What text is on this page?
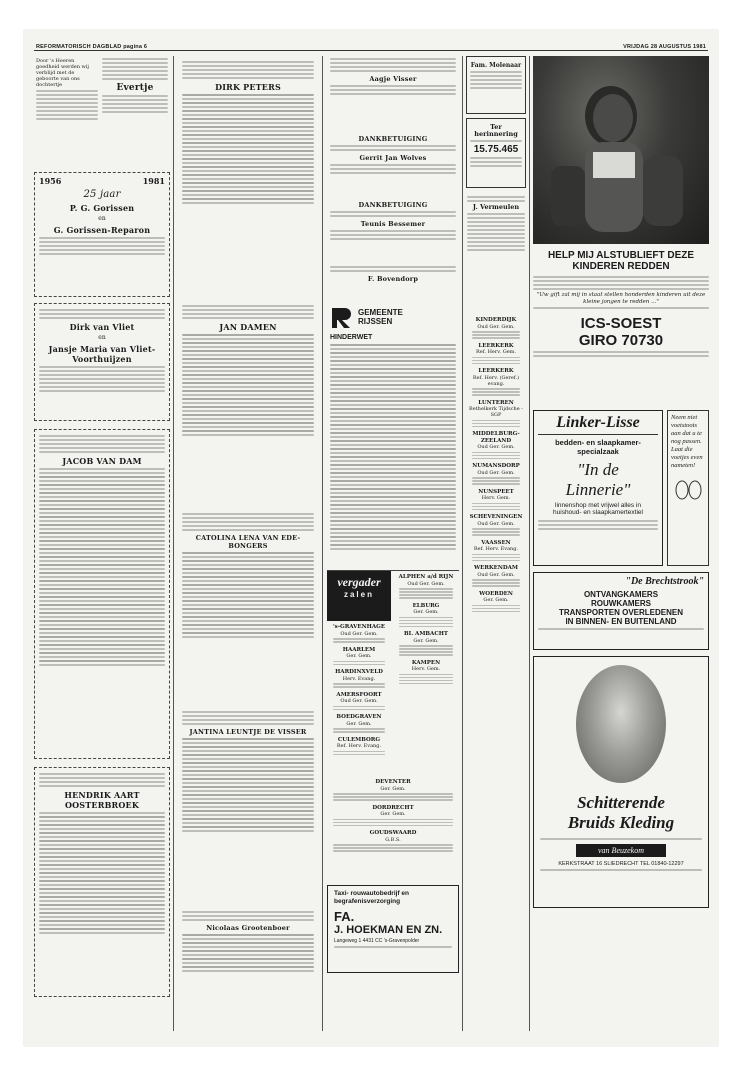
REFORMATORISCH DAGBLAD pagina 6	VRIJDAG 28 AUGUSTUS 1981
Door 's Heeren goedheid werden wij verblijd met de geboorte van ons dochtertje	Evertje
1956	1981
25 jaar
P. G. Gorissen
en
G. Gorissen-Reparon
Dirk van Vliet
en
Jansje Maria van Vliet-Voorthuijzen
JACOB VAN DAM
HENDRIK AART OOSTERBROEK
DIRK PETERS
JAN DAMEN
CATOLINA LENA VAN EDE-BONGERS
JANTINA LEUNTJE DE VISSER
Nicolaas Grootenboer
Aagje Visser
DANKBETUIGING
Gerrit Jan Wolves
DANKBETUIGING
Teunis Bessemer
F. Bovendorp
GEMEENTE
RIJSSEN
HINDERWET
vergader
zalen
's-GRAVENHAGE
Oud Ger. Gem.
HAARLEM
Ger. Gem.
HARDINXVELD
Herv. Evang.
AMERSFOORT
Oud Ger. Gem.
BOEDGRAVEN
Ger. Gem.
CULEMBORG
Ref. Herv. Evang.
ALPHEN a/d RIJN
Oud Ger. Gem.
ELBURG
Ger. Gem.
BI. AMBACHT
Ger. Gem.
KAMPEN
Herv. Gem.
DEVENTER
Ger. Gem.
DORDRECHT
Ger. Gem.
GOUDSWAARD
G.B.S.
Taxi- rouwautobedrijf en begrafenisverzorging
FA.
J. HOEKMAN EN ZN.
Langeweg 1 4431 CC 's-Gravenpolder
Fam. Molenaar
Ter herinnering
15.75.465
J. Vermeulen
KINDERDIJK
Oud Ger. Gem.
LEERKERK
Ref. Herv. Gem.
LEERKERK
Ref. Herv. (Geref.) evang.
LUNTEREN
Bethelkerk Tijdsche - SGP
MIDDELBURG-ZEELAND
Oud Ger. Gem.
NUMANSDORP
Oud Ger. Gem.
NUNSPEET
Herv. Gem.
SCHEVENINGEN
Oud Ger. Gem.
VAASSEN
Ref. Herv. Evang.
WERKENDAM
Oud Ger. Gem.
WOERDEN
Ger. Gem.
HELP MIJ ALSTUBLIEFT DEZE KINDEREN REDDEN
"Uw gift zal mij in staat stellen honderden kinderen uit deze kleine jongen te redden ..."
ICS-SOEST
GIRO 70730
Linker-Lisse
bedden- en slaapkamer-
specialzaak
"In de
Linnerie"
linnenshop met vrijwel alles in
huishoud- en slaapkamertextiel
Neem niet voetstoots aan dat u te nog passen. Laat die voetjes even nameten!
"De Brechtstrook"
ONTVANGKAMERS
ROUWKAMERS
TRANSPORTEN OVERLEDENEN
IN BINNEN- EN BUITENLAND
Schitterende
Bruids Kleding
van Beuzekom
KERKSTRAAT 16 SLIEDRECHT TEL 01840-12297
